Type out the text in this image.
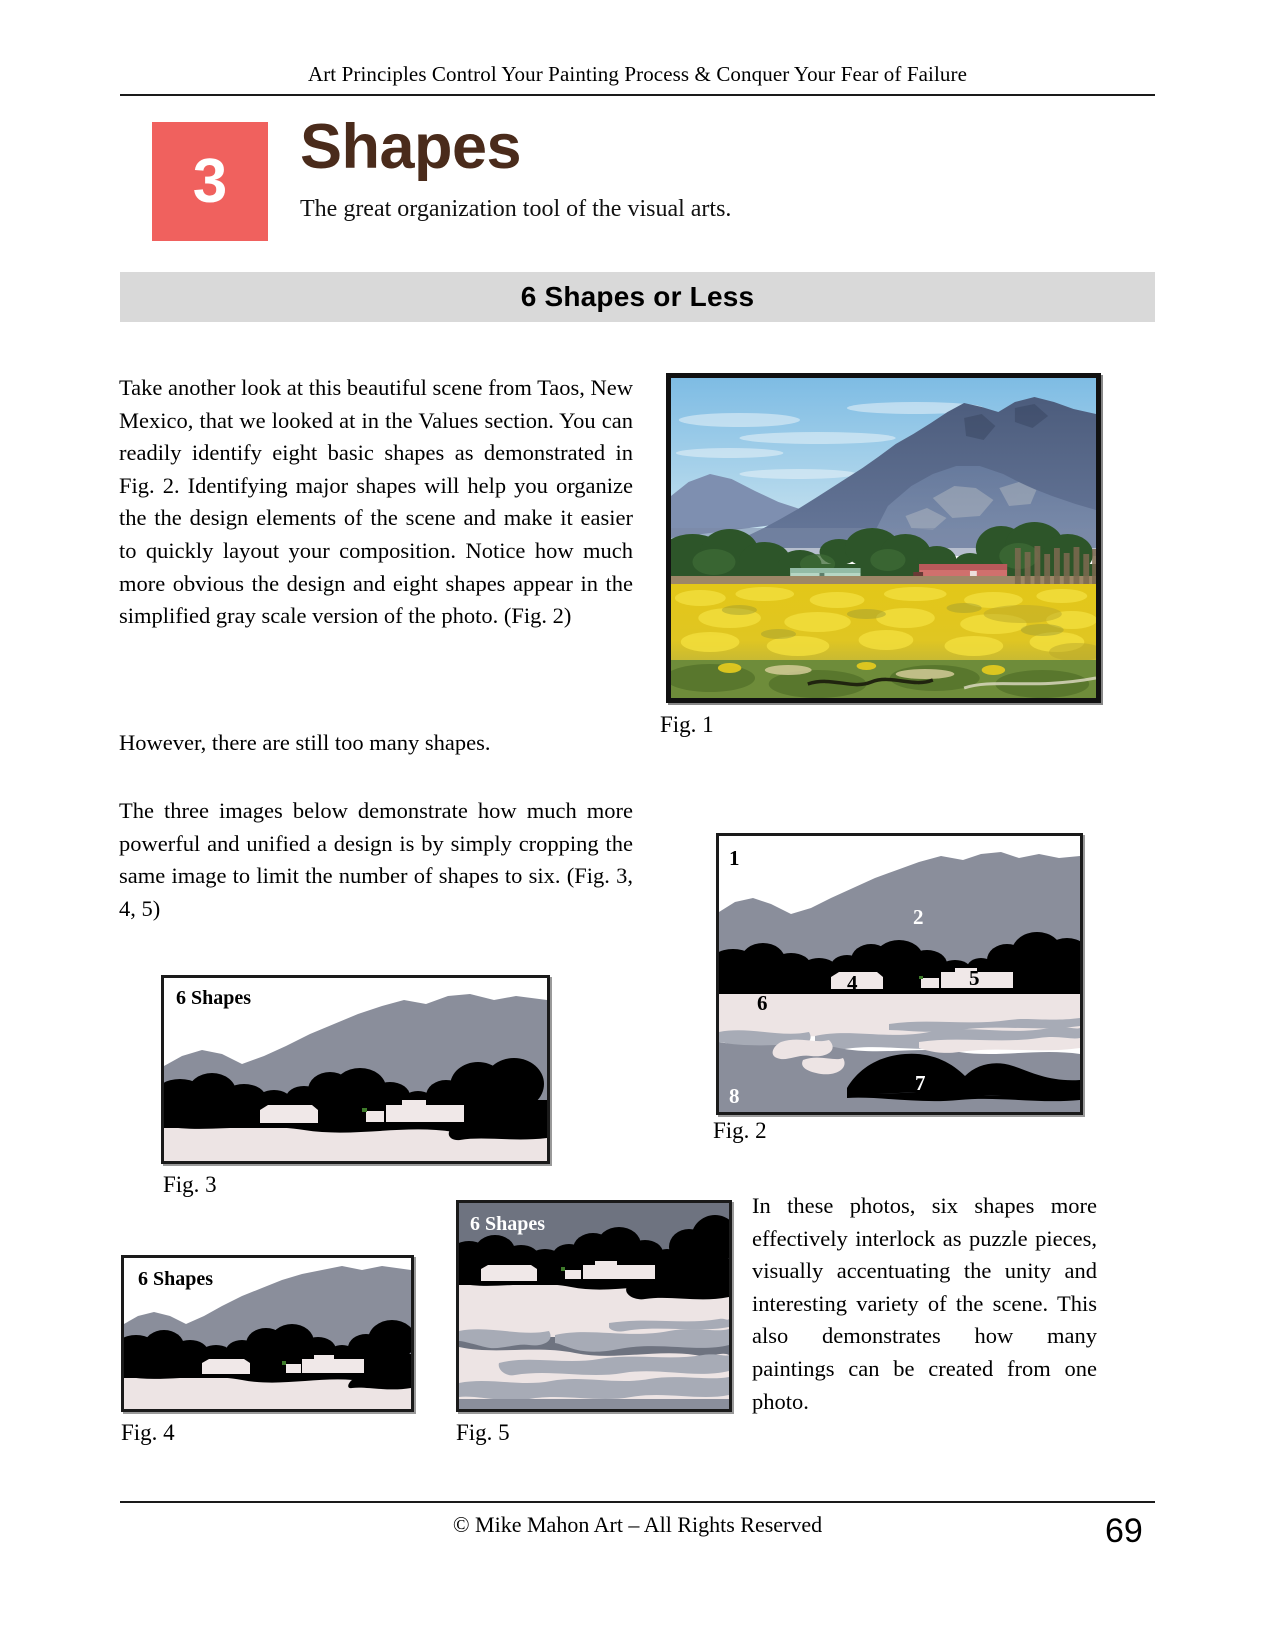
Art Principles Control Your Painting Process & Conquer Your Fear of Failure
3	Shapes
The great organization tool of the visual arts.
6 Shapes or Less

Take another look at this beautiful scene from Taos, New Mexico, that we looked at in the Values section. You can readily identify eight basic shapes as demonstrated in Fig. 2. Identifying major shapes will help you organize the the design elements of the scene and make it easier to quickly layout your composition. Notice how much more obvious the design and eight shapes appear in the simplified gray scale version of the photo. (Fig. 2)

However, there are still too many shapes.
The three images below demonstrate how much more powerful and unified a design is by simply cropping the same image to limit the number of shapes to six. (Fig. 3, 4, 5)
In these photos, six shapes more effectively interlock as puzzle pieces, visually accentuating the unity and interesting variety of the scene. This also demonstrates how many paintings can be created from one photo.
Fig. 1
1
2
3	4	5
6
7
8
Fig. 2
6 Shapes
Fig. 3
6 Shapes
Fig. 4
6 Shapes
Fig. 5
© Mike Mahon Art – All Rights Reserved	69
